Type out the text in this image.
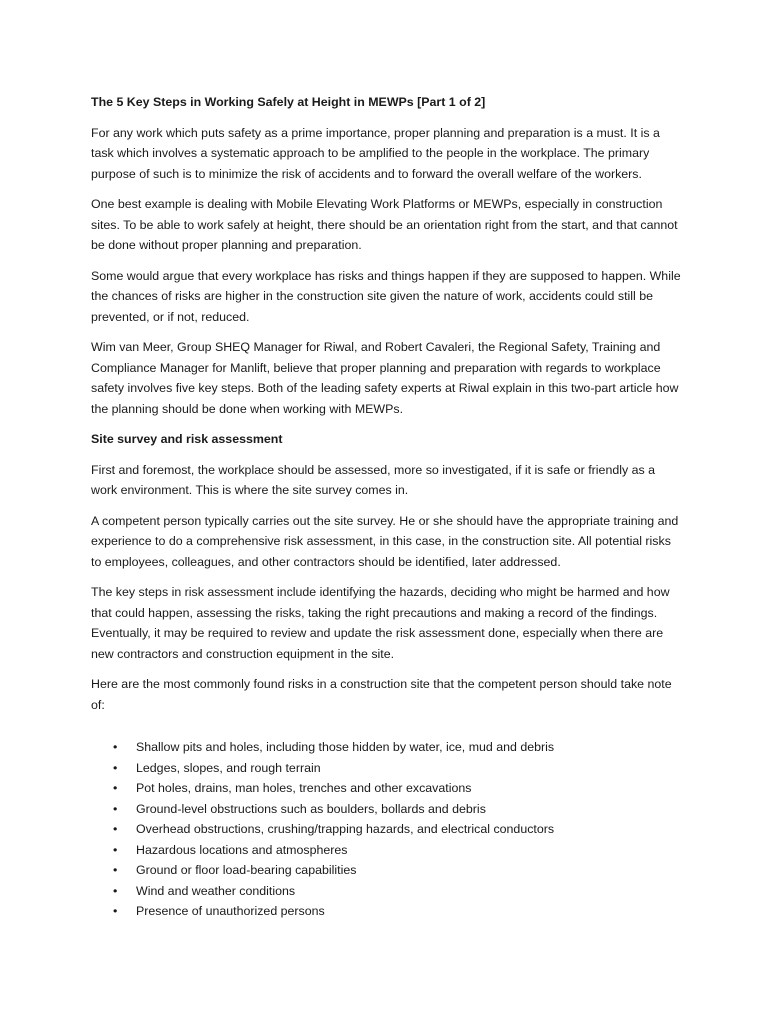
The 5 Key Steps in Working Safely at Height in MEWPs [Part 1 of 2]

For any work which puts safety as a prime importance, proper planning and preparation is a must. It is a task which involves a systematic approach to be amplified to the people in the workplace. The primary purpose of such is to minimize the risk of accidents and to forward the overall welfare of the workers.

One best example is dealing with Mobile Elevating Work Platforms or MEWPs, especially in construction sites. To be able to work safely at height, there should be an orientation right from the start, and that cannot be done without proper planning and preparation.

Some would argue that every workplace has risks and things happen if they are supposed to happen. While the chances of risks are higher in the construction site given the nature of work, accidents could still be prevented, or if not, reduced.

Wim van Meer, Group SHEQ Manager for Riwal, and Robert Cavaleri, the Regional Safety, Training and Compliance Manager for Manlift, believe that proper planning and preparation with regards to workplace safety involves five key steps. Both of the leading safety experts at Riwal explain in this two-part article how the planning should be done when working with MEWPs.

Site survey and risk assessment

First and foremost, the workplace should be assessed, more so investigated, if it is safe or friendly as a work environment. This is where the site survey comes in.

A competent person typically carries out the site survey. He or she should have the appropriate training and experience to do a comprehensive risk assessment, in this case, in the construction site. All potential risks to employees, colleagues, and other contractors should be identified, later addressed.

The key steps in risk assessment include identifying the hazards, deciding who might be harmed and how that could happen, assessing the risks, taking the right precautions and making a record of the findings. Eventually, it may be required to review and update the risk assessment done, especially when there are new contractors and construction equipment in the site.

Here are the most commonly found risks in a construction site that the competent person should take note of:

• Shallow pits and holes, including those hidden by water, ice, mud and debris
• Ledges, slopes, and rough terrain
• Pot holes, drains, man holes, trenches and other excavations
• Ground-level obstructions such as boulders, bollards and debris
• Overhead obstructions, crushing/trapping hazards, and electrical conductors
• Hazardous locations and atmospheres
• Ground or floor load-bearing capabilities
• Wind and weather conditions
• Presence of unauthorized persons
